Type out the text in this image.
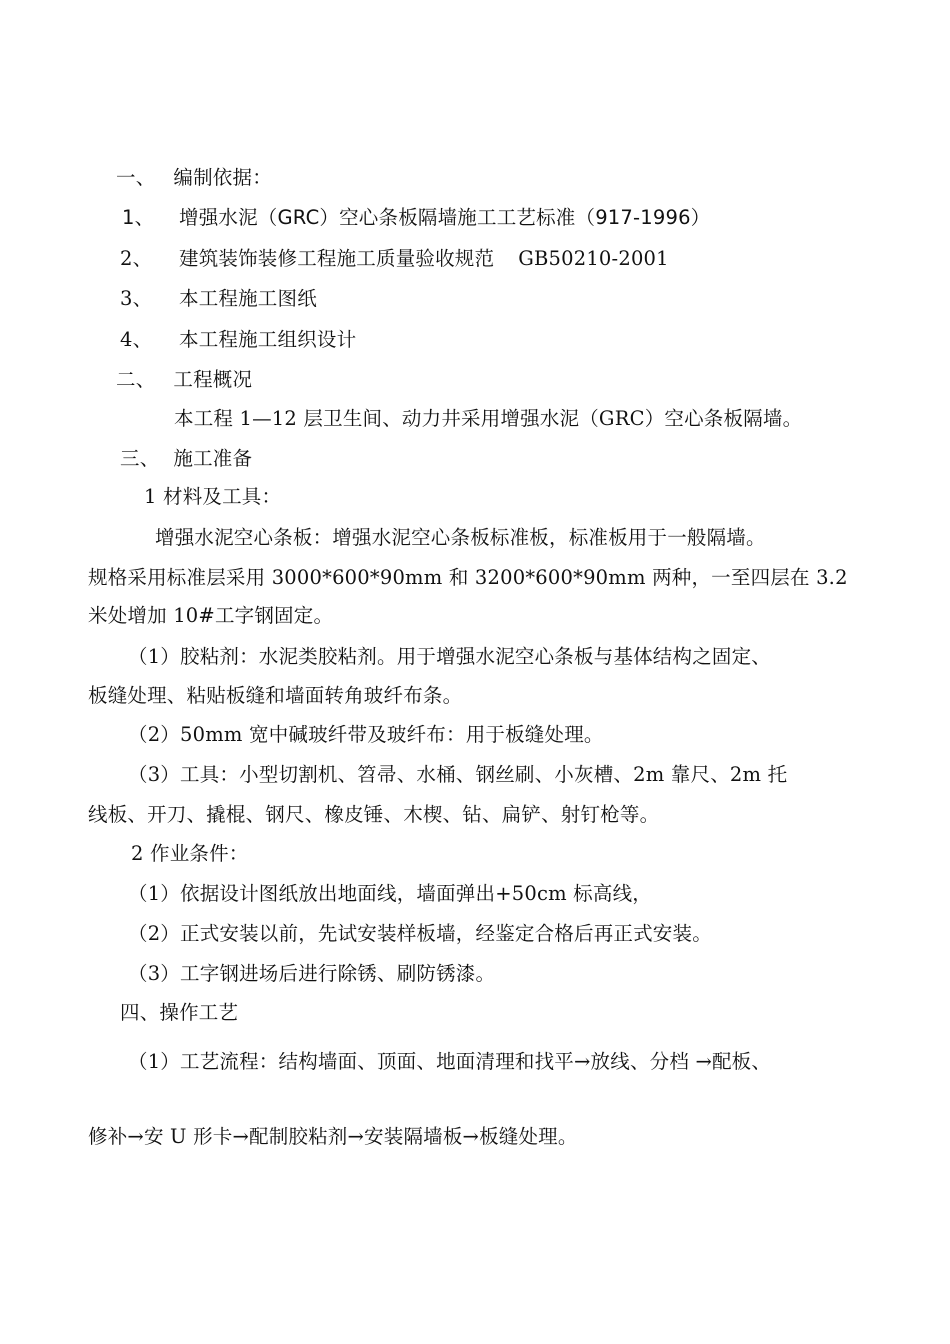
一、 编制依据：
1、 增强水泥（GRC）空心条板隔墙施工工艺标准（917-1996）
2、 建筑装饰装修工程施工质量验收规范 GB50210-2001
3、 本工程施工图纸
4、 本工程施工组织设计
二、 工程概况
本工程 1—12 层卫生间、动力井采用增强水泥（GRC）空心条板隔墙。
三、 施工准备
1 材料及工具：
增强水泥空心条板：增强水泥空心条板标准板，标准板用于一般隔墙。
规格采用标准层采用 3000*600*90mm 和 3200*600*90mm 两种，一至四层在 3.2
米处增加 10#工字钢固定。
（1）胶粘剂：水泥类胶粘剂。用于增强水泥空心条板与基体结构之固定、
板缝处理、粘贴板缝和墙面转角玻纤布条。
（2）50mm 宽中碱玻纤带及玻纤布：用于板缝处理。
（3）工具：小型切割机、笤帚、水桶、钢丝刷、小灰槽、2m 靠尺、2m 托
线板、开刀、撬棍、钢尺、橡皮锤、木楔、钻、扁铲、射钉枪等。
2 作业条件：
（1）依据设计图纸放出地面线，墙面弹出+50cm 标高线，
（2）正式安装以前，先试安装样板墙，经鉴定合格后再正式安装。
（3）工字钢进场后进行除锈、刷防锈漆。
四、操作工艺
（1）工艺流程：结构墙面、顶面、地面清理和找平→放线、分档 →配板、
修补→安 U 形卡→配制胶粘剂→安装隔墙板→板缝处理。
